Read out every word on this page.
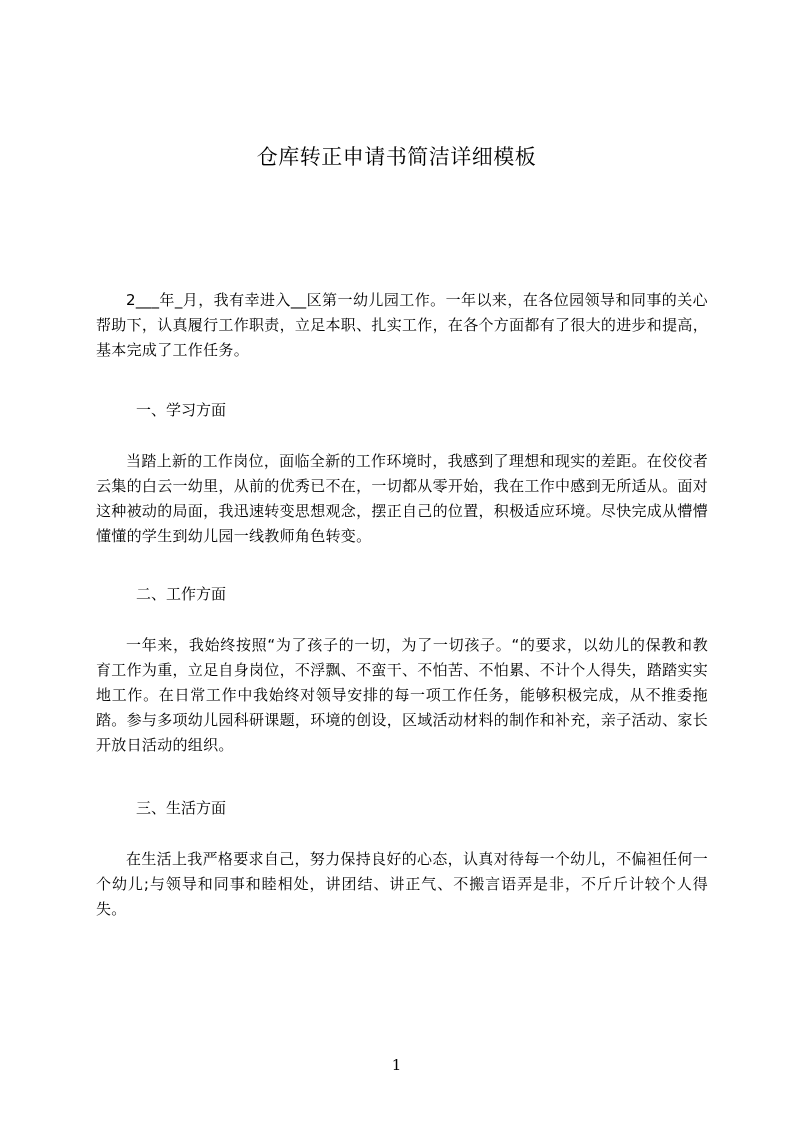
仓库转正申请书简洁详细模板

2___年_月，我有幸进入__区第一幼儿园工作。一年以来，在各位园领导和同事的关心帮助下，认真履行工作职责，立足本职、扎实工作，在各个方面都有了很大的进步和提高，基本完成了工作任务。

一、学习方面

当踏上新的工作岗位，面临全新的工作环境时，我感到了理想和现实的差距。在佼佼者云集的白云一幼里，从前的优秀已不在，一切都从零开始，我在工作中感到无所适从。面对这种被动的局面，我迅速转变思想观念，摆正自己的位置，积极适应环境。尽快完成从懵懵懂懂的学生到幼儿园一线教师角色转变。

二、工作方面

一年来，我始终按照“为了孩子的一切，为了一切孩子。“的要求，以幼儿的保教和教育工作为重，立足自身岗位，不浮飘、不蛮干、不怕苦、不怕累、不计个人得失，踏踏实实地工作。在日常工作中我始终对领导安排的每一项工作任务，能够积极完成，从不推委拖踏。参与多项幼儿园科研课题，环境的创设，区域活动材料的制作和补充，亲子活动、家长开放日活动的组织。

三、生活方面

在生活上我严格要求自己，努力保持良好的心态，认真对待每一个幼儿，不偏袒任何一个幼儿;与领导和同事和睦相处，讲团结、讲正气、不搬言语弄是非，不斤斤计较个人得失。

1
